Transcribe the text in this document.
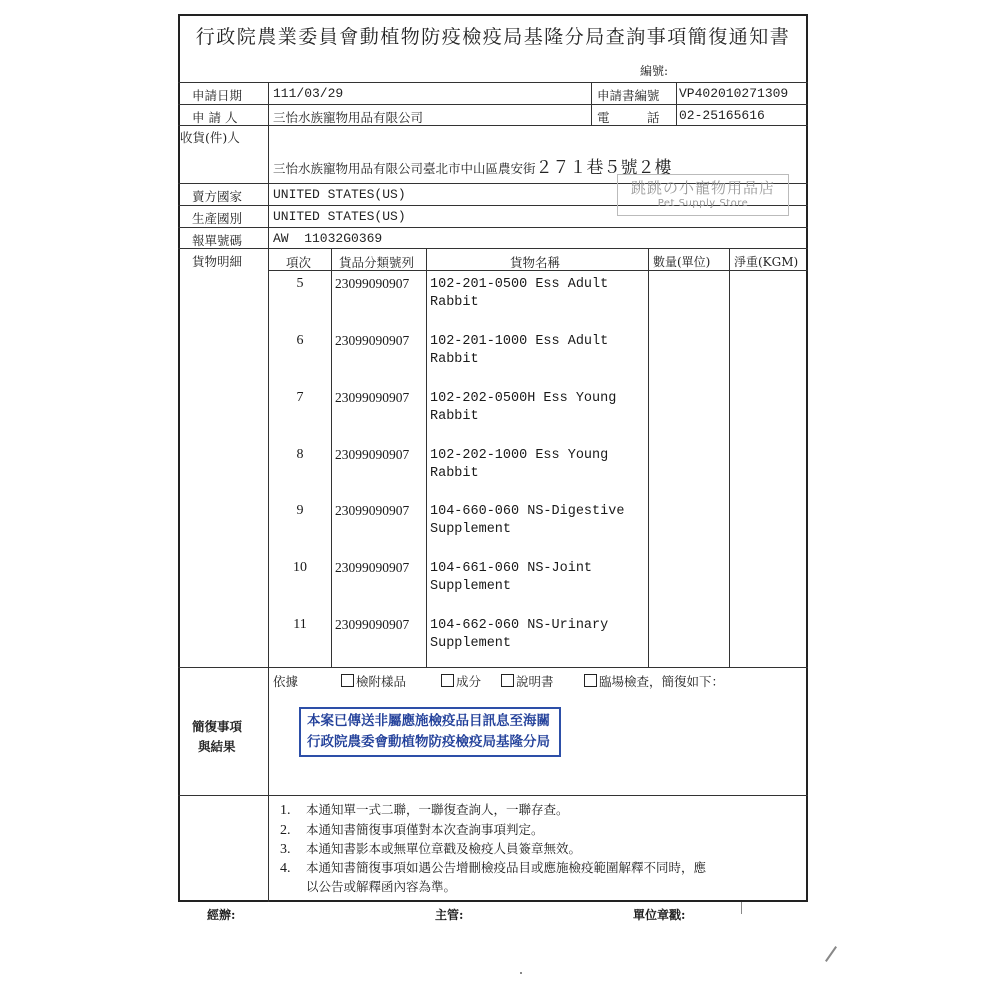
行政院農業委員會動植物防疫檢疫局基隆分局查詢事項簡復通知書
編號:
申請日期 111/03/29	申請書編號 VP402010271309
申 請 人	三怡水族寵物用品有限公司	電　　　話 02-25165616
收貨(件)人
三怡水族寵物用品有限公司臺北市中山區農安街２７１巷５號２樓
賣方國家 UNITED STATES(US)
生產國別 UNITED STATES(US)
報單號碼 AW  11032G0369
跳跳の小寵物用品店
Pet Supply Store
貨物明細	項次 貨品分類號列	貨物名稱	數量(單位) 淨重(KGM)
5	23099090907 102-201-0500 Ess Adult Rabbit
6	23099090907 102-201-1000 Ess Adult Rabbit
7	23099090907 102-202-0500H Ess Young Rabbit
8	23099090907 102-202-1000 Ess Young Rabbit
9	23099090907 104-660-060 NS-Digestive Supplement
10	23099090907 104-661-060 NS-Joint Supplement
11	23099090907 104-662-060 NS-Urinary Supplement
簡復事項
與結果
依據	檢附樣品	成分	說明書	臨場檢查，簡復如下：
本案已傳送非屬應施檢疫品目訊息至海關
行政院農委會動植物防疫檢疫局基隆分局
1. 本通知單一式二聯，一聯復查詢人，一聯存查。
2. 本通知書簡復事項僅對本次查詢事項判定。
3. 本通知書影本或無單位章戳及檢疫人員簽章無效。
4. 本通知書簡復事項如遇公告增刪檢疫品目或應施檢疫範圍解釋不同時，應
以公告或解釋函內容為準。
經辦:	主管:	單位章戳:
